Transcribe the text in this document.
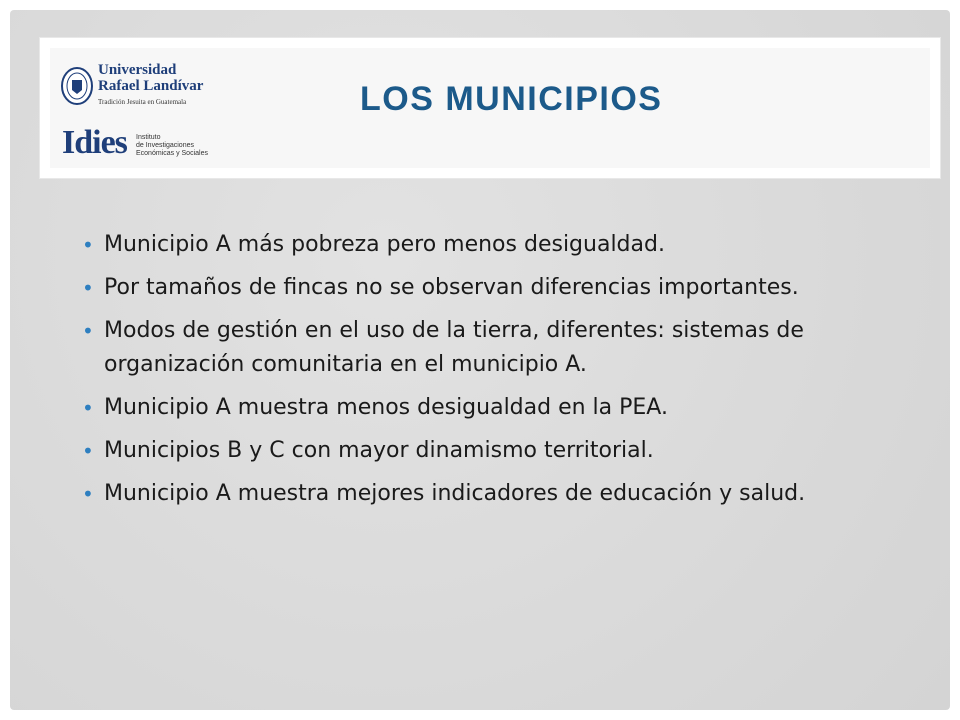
Universidad
Rafael Landívar
Tradición Jesuita en Guatemala
Idies Instituto
de Investigaciones
Económicas y Sociales
LOS MUNICIPIOS
• Municipio A más pobreza pero menos desigualdad.
• Por tamaños de fincas no se observan diferencias importantes.
• Modos de gestión en el uso de la tierra, diferentes: sistemas de organización comunitaria en el municipio A.
• Municipio A muestra menos desigualdad en la PEA.
• Municipios B y C con mayor dinamismo territorial.
• Municipio A muestra mejores indicadores de educación y salud.
